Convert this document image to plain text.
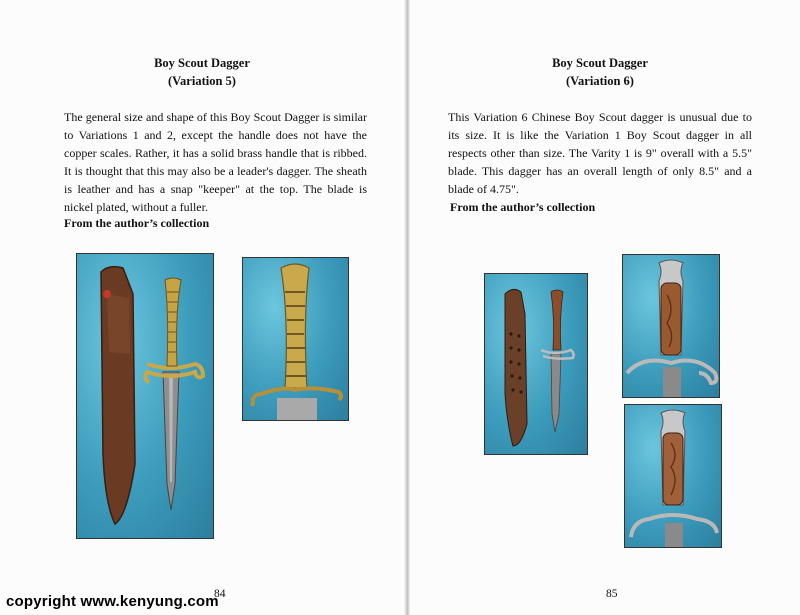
Boy Scout Dagger
(Variation 5)

The general size and shape of this Boy Scout Dagger is similar to Variations 1 and 2, except the handle does not have the copper scales. Rather, it has a solid brass handle that is ribbed. It is thought that this may also be a leader's dagger. The sheath is leather and has a snap "keeper" at the top. The blade is nickel plated, without a fuller.

From the author’s collection
84
Boy Scout Dagger
(Variation 6)

This Variation 6 Chinese Boy Scout dagger is unusual due to its size. It is like the Variation 1 Boy Scout dagger in all respects other than size. The Varity 1 is 9" overall with a 5.5" blade. This dagger has an overall length of only 8.5" and a blade of 4.75".

From the author’s collection
85
copyright www.kenyung.com
